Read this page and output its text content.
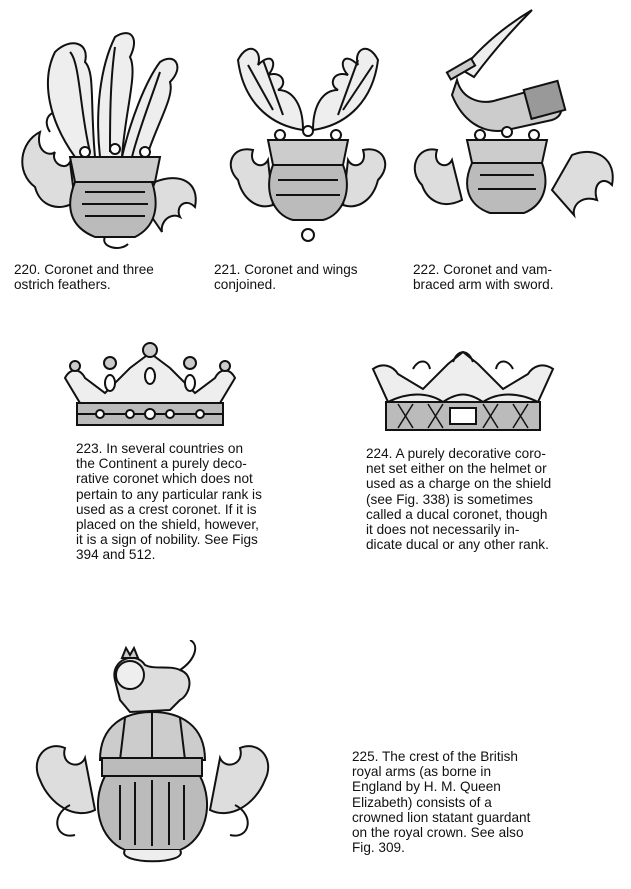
220. Coronet and three
ostrich feathers.
221. Coronet and wings
conjoined.
222. Coronet and vam-
braced arm with sword.
223. In several countries on
the Continent a purely deco-
rative coronet which does not
pertain to any particular rank is
used as a crest coronet. If it is
placed on the shield, however,
it is a sign of nobility. See Figs
394 and 512.
224. A purely decorative coro-
net set either on the helmet or
used as a charge on the shield
(see Fig. 338) is sometimes
called a ducal coronet, though
it does not necessarily in-
dicate ducal or any other rank.
225. The crest of the British
royal arms (as borne in
England by H. M. Queen
Elizabeth) consists of a
crowned lion statant guardant
on the royal crown. See also
Fig. 309.
